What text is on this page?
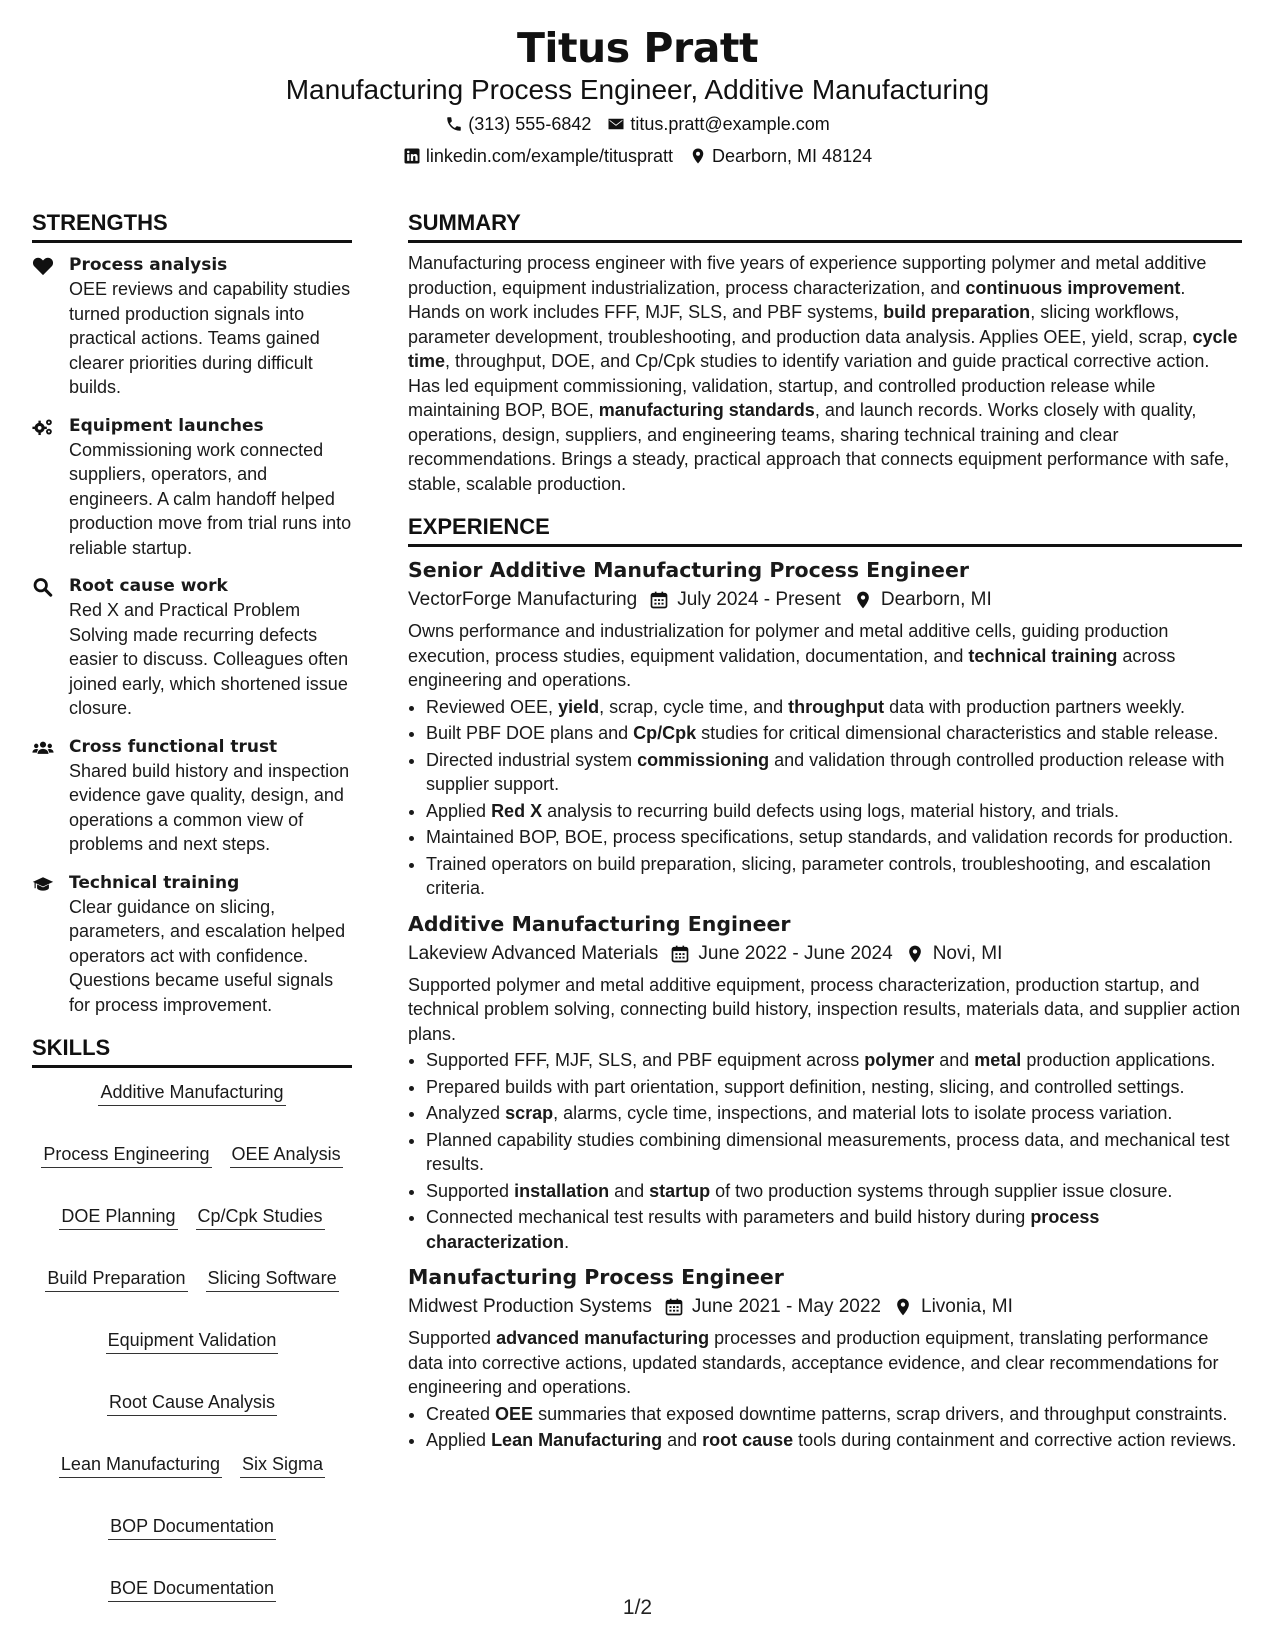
Titus Pratt
Manufacturing Process Engineer, Additive Manufacturing
(313) 555-6842 titus.pratt@example.com
linkedin.com/example/tituspratt Dearborn, MI 48124
STRENGTHS
Process analysis
OEE reviews and capability studies turned production signals into practical actions. Teams gained clearer priorities during difficult builds.
Equipment launches
Commissioning work connected suppliers, operators, and engineers. A calm handoff helped production move from trial runs into reliable startup.
Root cause work
Red X and Practical Problem Solving made recurring defects easier to discuss. Colleagues often joined early, which shortened issue closure.
Cross functional trust
Shared build history and inspection evidence gave quality, design, and operations a common view of problems and next steps.
Technical training
Clear guidance on slicing, parameters, and escalation helped operators act with confidence. Questions became useful signals for process improvement.
SKILLS
Additive Manufacturing
Process Engineering OEE Analysis
DOE Planning Cp/Cpk Studies
Build Preparation Slicing Software
Equipment Validation
Root Cause Analysis
Lean Manufacturing Six Sigma
BOP Documentation
BOE Documentation
SUMMARY
Manufacturing process engineer with five years of experience supporting polymer and metal additive production, equipment industrialization, process characterization, and continuous improvement. Hands on work includes FFF, MJF, SLS, and PBF systems, build preparation, slicing workflows, parameter development, troubleshooting, and production data analysis. Applies OEE, yield, scrap, cycle time, throughput, DOE, and Cp/Cpk studies to identify variation and guide practical corrective action. Has led equipment commissioning, validation, startup, and controlled production release while maintaining BOP, BOE, manufacturing standards, and launch records. Works closely with quality, operations, design, suppliers, and engineering teams, sharing technical training and clear recommendations. Brings a steady, practical approach that connects equipment performance with safe, stable, scalable production.
EXPERIENCE
Senior Additive Manufacturing Process Engineer
VectorForge Manufacturing July 2024 - Present Dearborn, MI
Owns performance and industrialization for polymer and metal additive cells, guiding production execution, process studies, equipment validation, documentation, and technical training across engineering and operations.
• Reviewed OEE, yield, scrap, cycle time, and throughput data with production partners weekly.
• Built PBF DOE plans and Cp/Cpk studies for critical dimensional characteristics and stable release.
• Directed industrial system commissioning and validation through controlled production release with supplier support.
• Applied Red X analysis to recurring build defects using logs, material history, and trials.
• Maintained BOP, BOE, process specifications, setup standards, and validation records for production.
• Trained operators on build preparation, slicing, parameter controls, troubleshooting, and escalation criteria.
Additive Manufacturing Engineer
Lakeview Advanced Materials June 2022 - June 2024 Novi, MI
Supported polymer and metal additive equipment, process characterization, production startup, and technical problem solving, connecting build history, inspection results, materials data, and supplier action plans.
• Supported FFF, MJF, SLS, and PBF equipment across polymer and metal production applications.
• Prepared builds with part orientation, support definition, nesting, slicing, and controlled settings.
• Analyzed scrap, alarms, cycle time, inspections, and material lots to isolate process variation.
• Planned capability studies combining dimensional measurements, process data, and mechanical test results.
• Supported installation and startup of two production systems through supplier issue closure.
• Connected mechanical test results with parameters and build history during process characterization.
Manufacturing Process Engineer
Midwest Production Systems June 2021 - May 2022 Livonia, MI
Supported advanced manufacturing processes and production equipment, translating performance data into corrective actions, updated standards, acceptance evidence, and clear recommendations for engineering and operations.
• Created OEE summaries that exposed downtime patterns, scrap drivers, and throughput constraints.
• Applied Lean Manufacturing and root cause tools during containment and corrective action reviews.
1/2
